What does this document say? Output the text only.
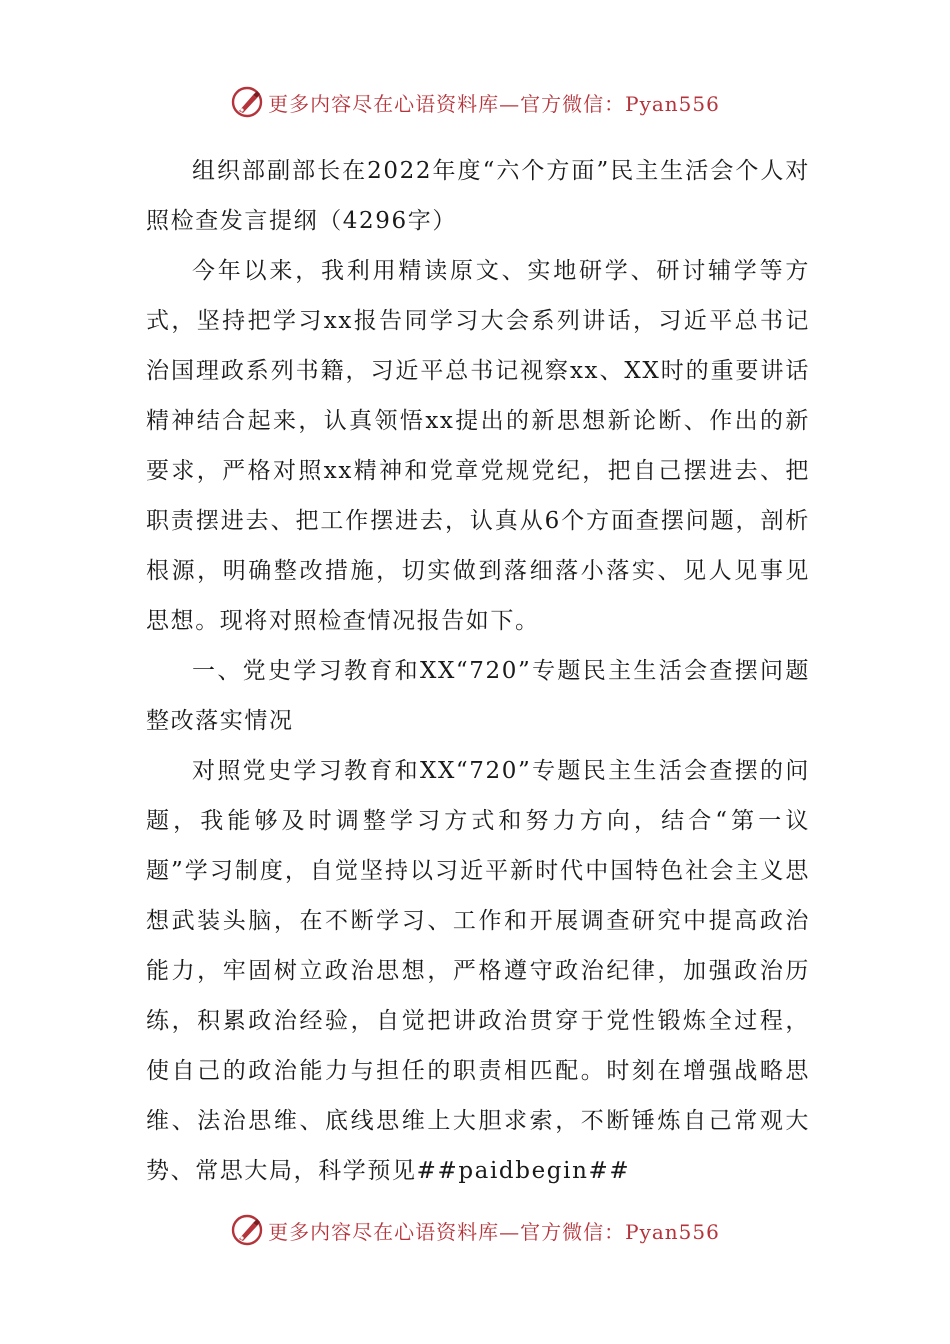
更多内容尽在心语资料库—官方微信：Pyan556

组织部副部长在2022年度“六个方面”民主生活会个人对照检查发言提纲（4296字）

今年以来，我利用精读原文、实地研学、研讨辅学等方式，坚持把学习xx报告同学习大会系列讲话，习近平总书记治国理政系列书籍，习近平总书记视察xx、XX时的重要讲话精神结合起来，认真领悟xx提出的新思想新论断、作出的新要求，严格对照xx精神和党章党规党纪，把自己摆进去、把职责摆进去、把工作摆进去，认真从6个方面查摆问题，剖析根源，明确整改措施，切实做到落细落小落实、见人见事见思想。现将对照检查情况报告如下。

一、党史学习教育和XX“720”专题民主生活会查摆问题整改落实情况

对照党史学习教育和XX“720”专题民主生活会查摆的问题，我能够及时调整学习方式和努力方向，结合“第一议题”学习制度，自觉坚持以习近平新时代中国特色社会主义思想武装头脑，在不断学习、工作和开展调查研究中提高政治能力，牢固树立政治思想，严格遵守政治纪律，加强政治历练，积累政治经验，自觉把讲政治贯穿于党性锻炼全过程，使自己的政治能力与担任的职责相匹配。时刻在增强战略思维、法治思维、底线思维上大胆求索，不断锤炼自己常观大势、常思大局，科学预见##paidbegin##

更多内容尽在心语资料库—官方微信：Pyan556
